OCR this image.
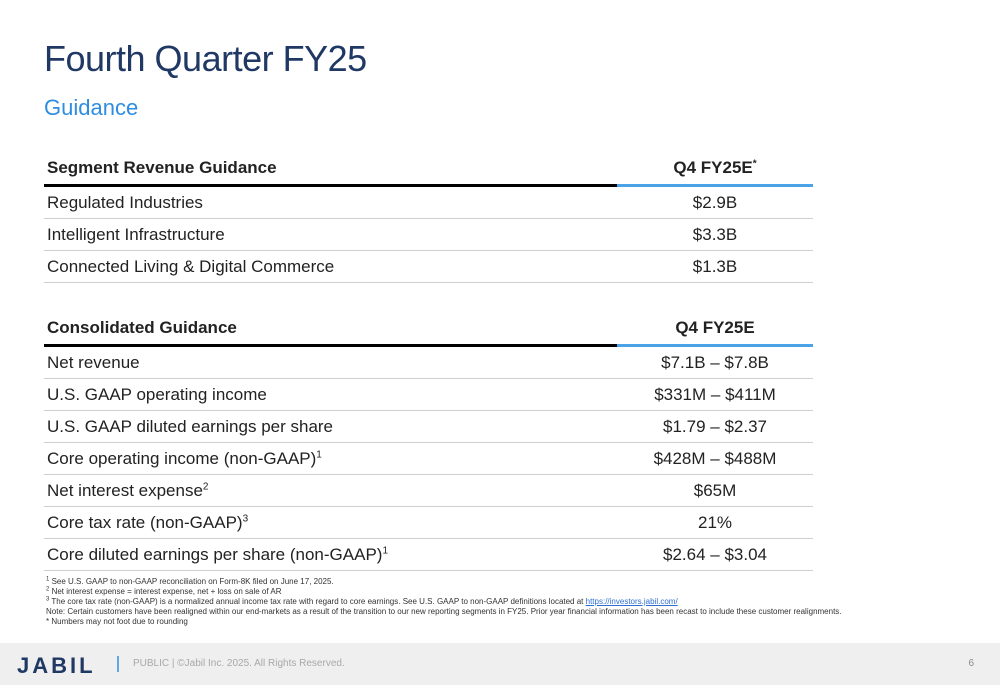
Fourth Quarter FY25
Guidance
Segment Revenue Guidance	Q4 FY25E*
Regulated Industries	$2.9B
Intelligent Infrastructure	$3.3B
Connected Living & Digital Commerce	$1.3B
Consolidated Guidance	Q4 FY25E
Net revenue	$7.1B – $7.8B
U.S. GAAP operating income	$331M – $411M
U.S. GAAP diluted earnings per share	$1.79 – $2.37
Core operating income (non-GAAP)$^1$	$428M – $488M
Net interest expense$^2$	$65M
Core tax rate (non-GAAP)$^3$	21%
Core diluted earnings per share (non-GAAP)$^1$	$2.64 – $3.04
$^1$ See U.S. GAAP to non-GAAP reconciliation on Form-8K filed on June 17, 2025.
$^2$ Net interest expense = interest expense, net + loss on sale of AR
$^3$ The core tax rate (non-GAAP) is a normalized annual income tax rate with regard to core earnings. See U.S. GAAP to non-GAAP definitions located at https://investors.jabil.com/
Note: Certain customers have been realigned within our end-markets as a result of the transition to our new reporting segments in FY25. Prior year financial information has been recast to include these customer realignments.
* Numbers may not foot due to rounding
JABIL	PUBLIC | ©Jabil Inc. 2025. All Rights Reserved.	6
